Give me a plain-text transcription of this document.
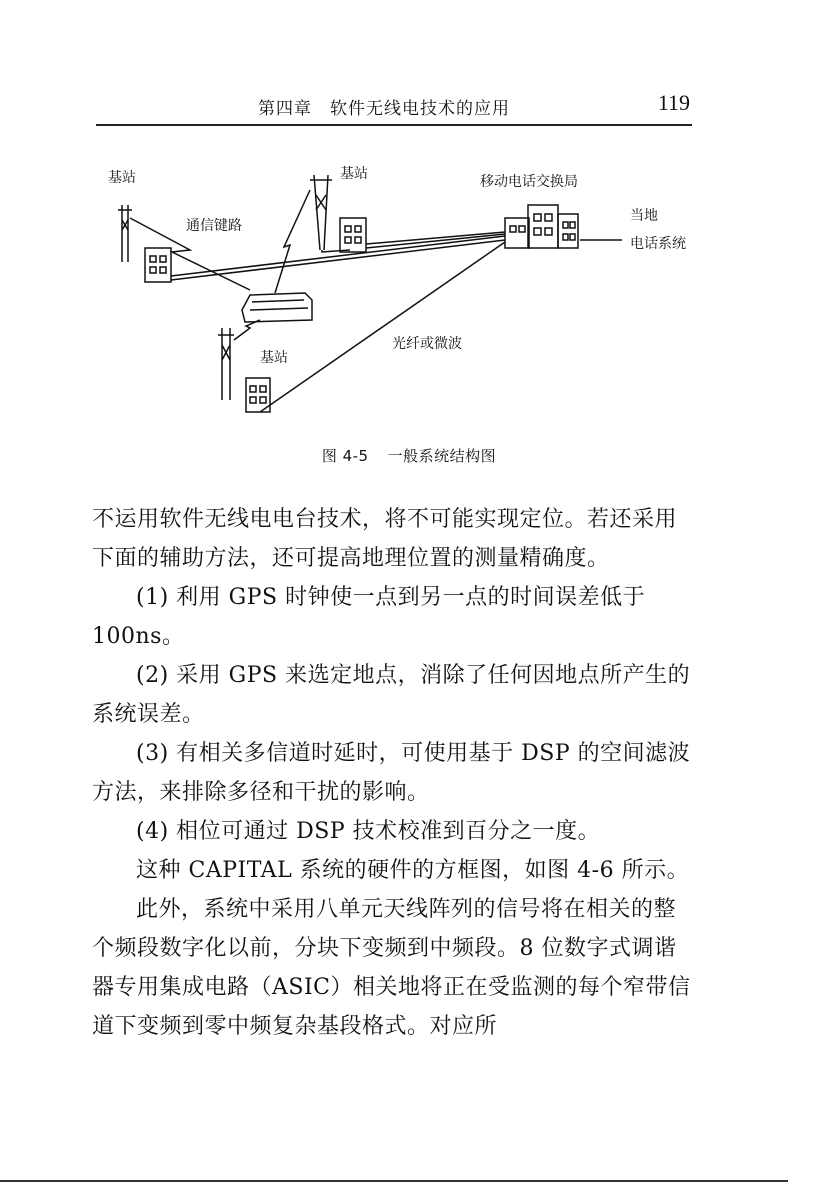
第四章　软件无线电技术的应用	119
基站	基站
基站
通信键路
移动电话交换局
当地
电话系统
光纤或微波
图 4-5 一般系统结构图

不运用软件无线电电台技术，将不可能实现定位。若还采用下面的辅助方法，还可提高地理位置的测量精确度。

(1) 利用 GPS 时钟使一点到另一点的时间误差低于100ns。

(2) 采用 GPS 来选定地点，消除了任何因地点所产生的系统误差。

(3) 有相关多信道时延时，可使用基于 DSP 的空间滤波方法，来排除多径和干扰的影响。

(4) 相位可通过 DSP 技术校准到百分之一度。

这种 CAPITAL 系统的硬件的方框图，如图 4-6 所示。

此外，系统中采用八单元天线阵列的信号将在相关的整个频段数字化以前，分块下变频到中频段。8 位数字式调谐器专用集成电路（ASIC）相关地将正在受监测的每个窄带信道下变频到零中频复杂基段格式。对应所
